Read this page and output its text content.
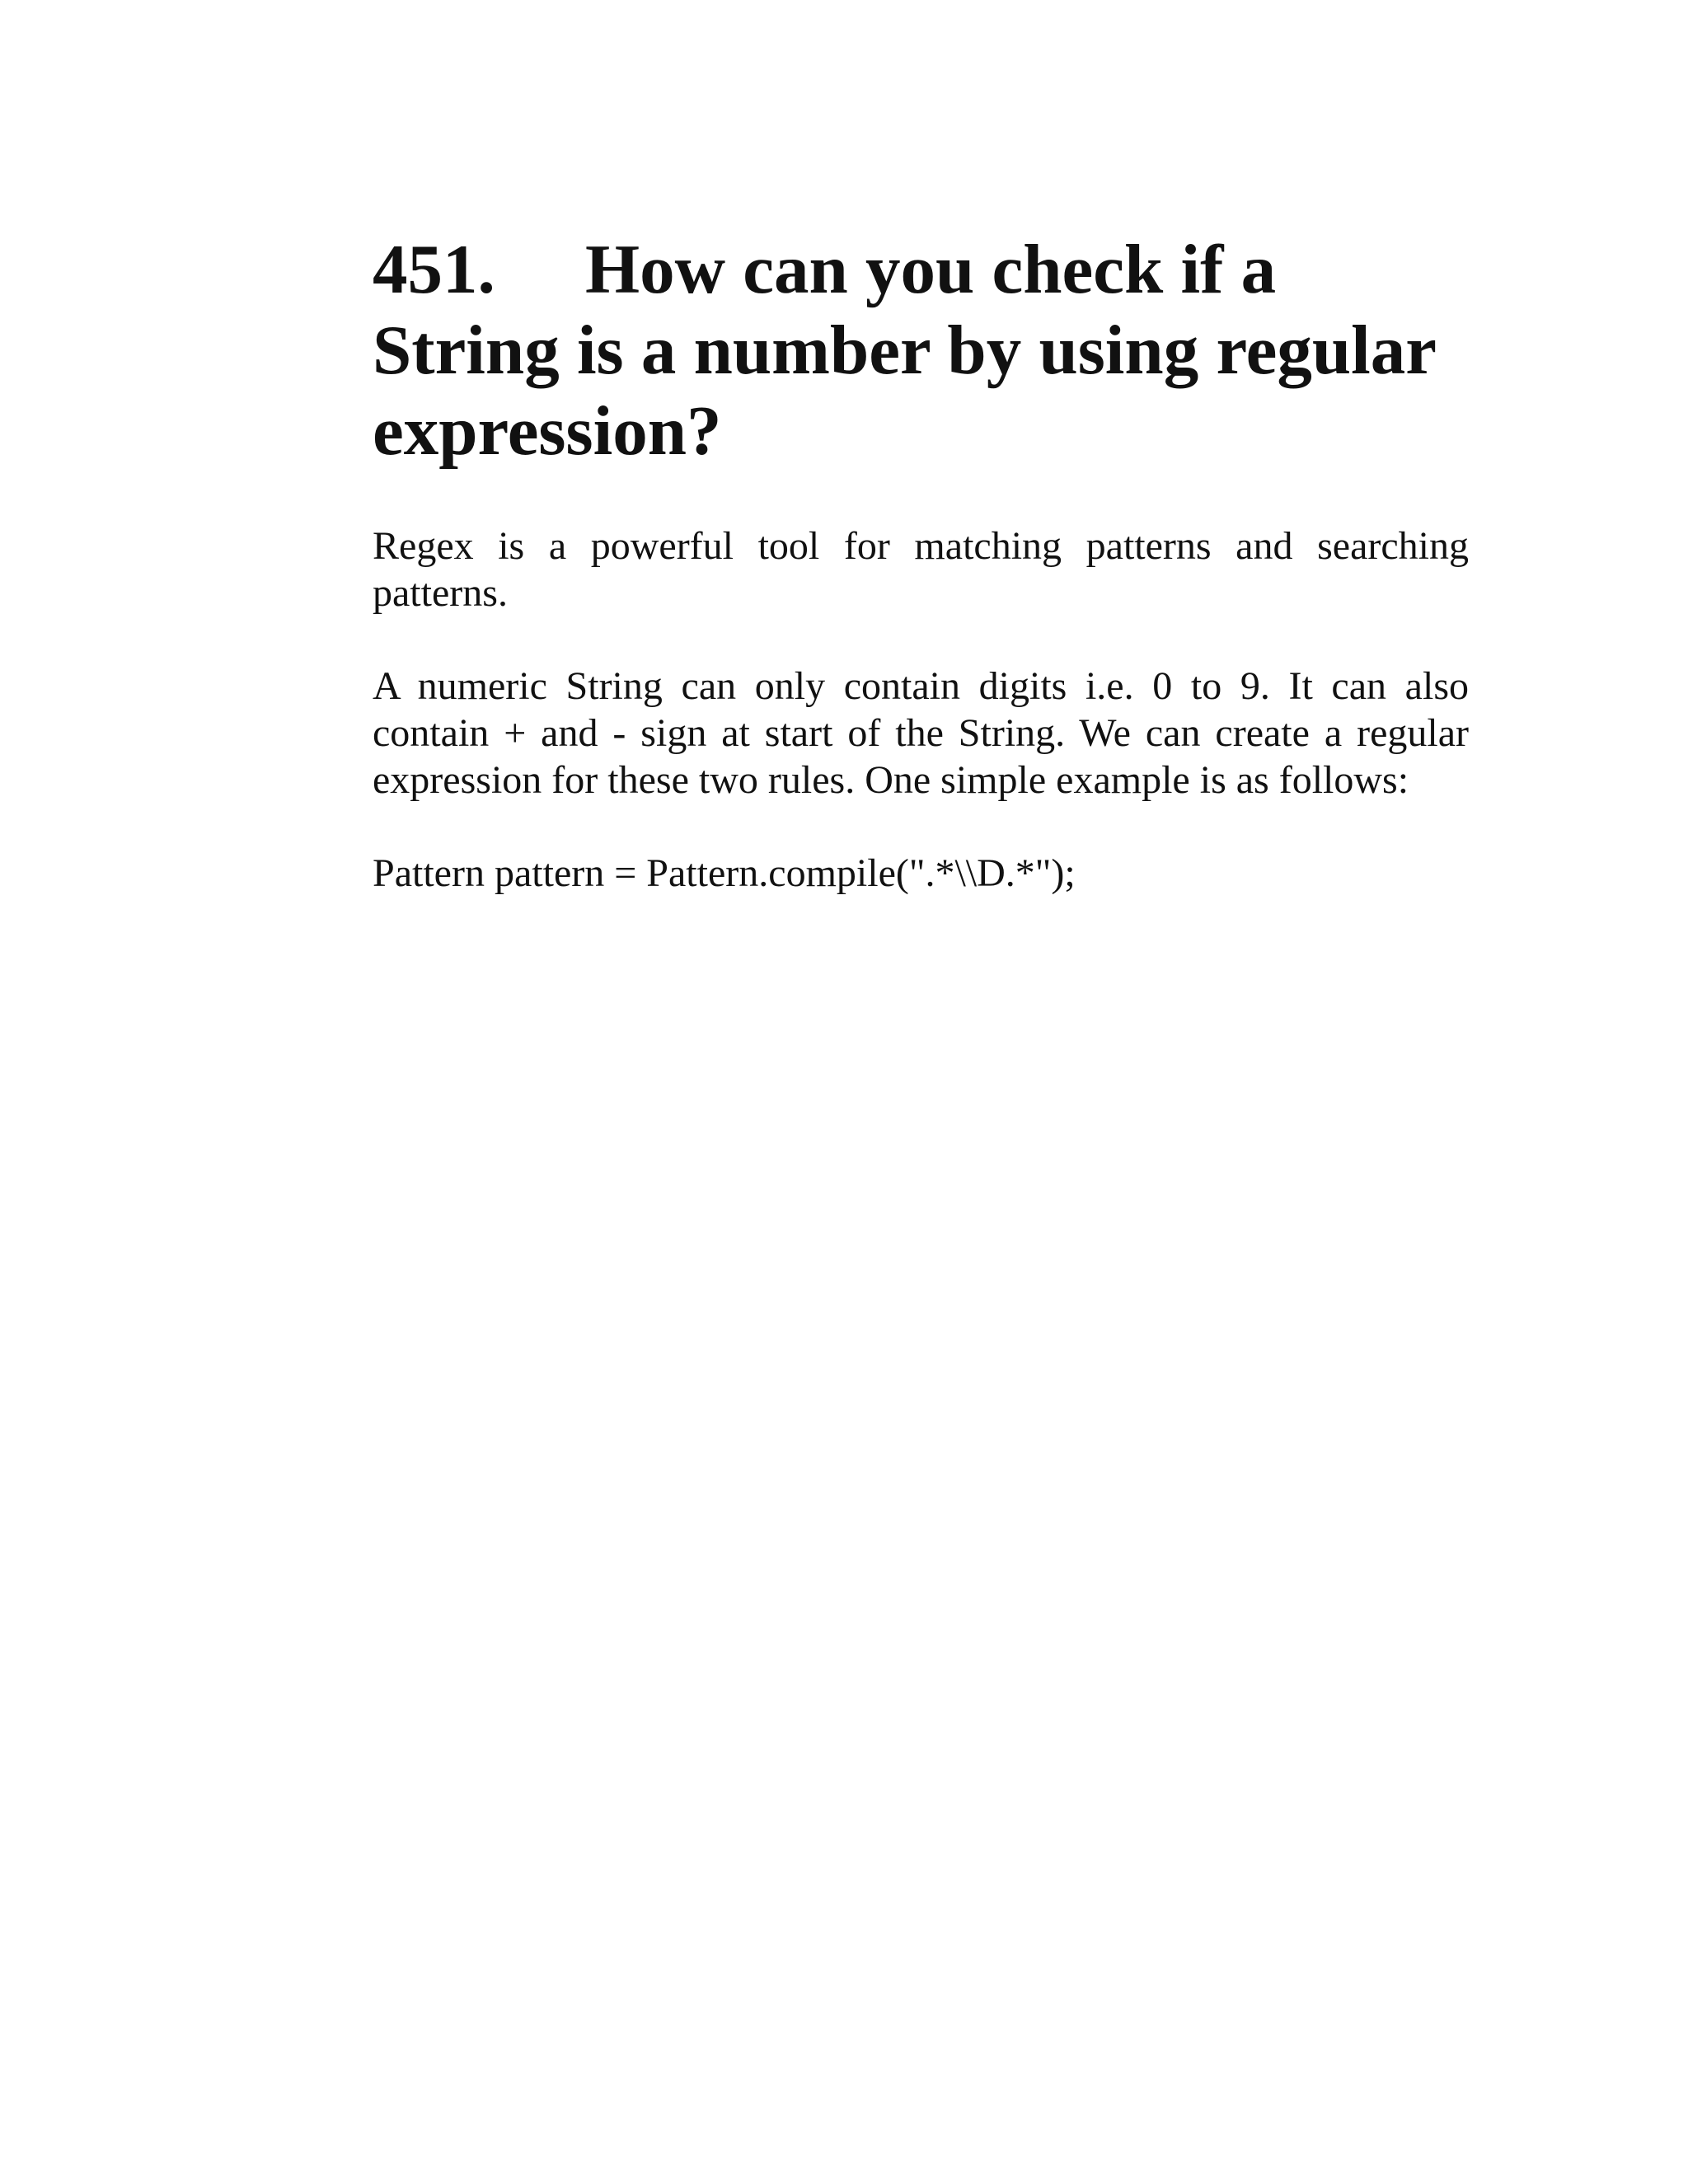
451. How can you check if a String is a number by using regular expression?

Regex is a powerful tool for matching patterns and searching patterns.

A numeric String can only contain digits i.e. 0 to 9. It can also contain + and - sign at start of the String. We can create a regular expression for these two rules. One simple example is as follows:

Pattern pattern = Pattern.compile(".*\\D.*");
